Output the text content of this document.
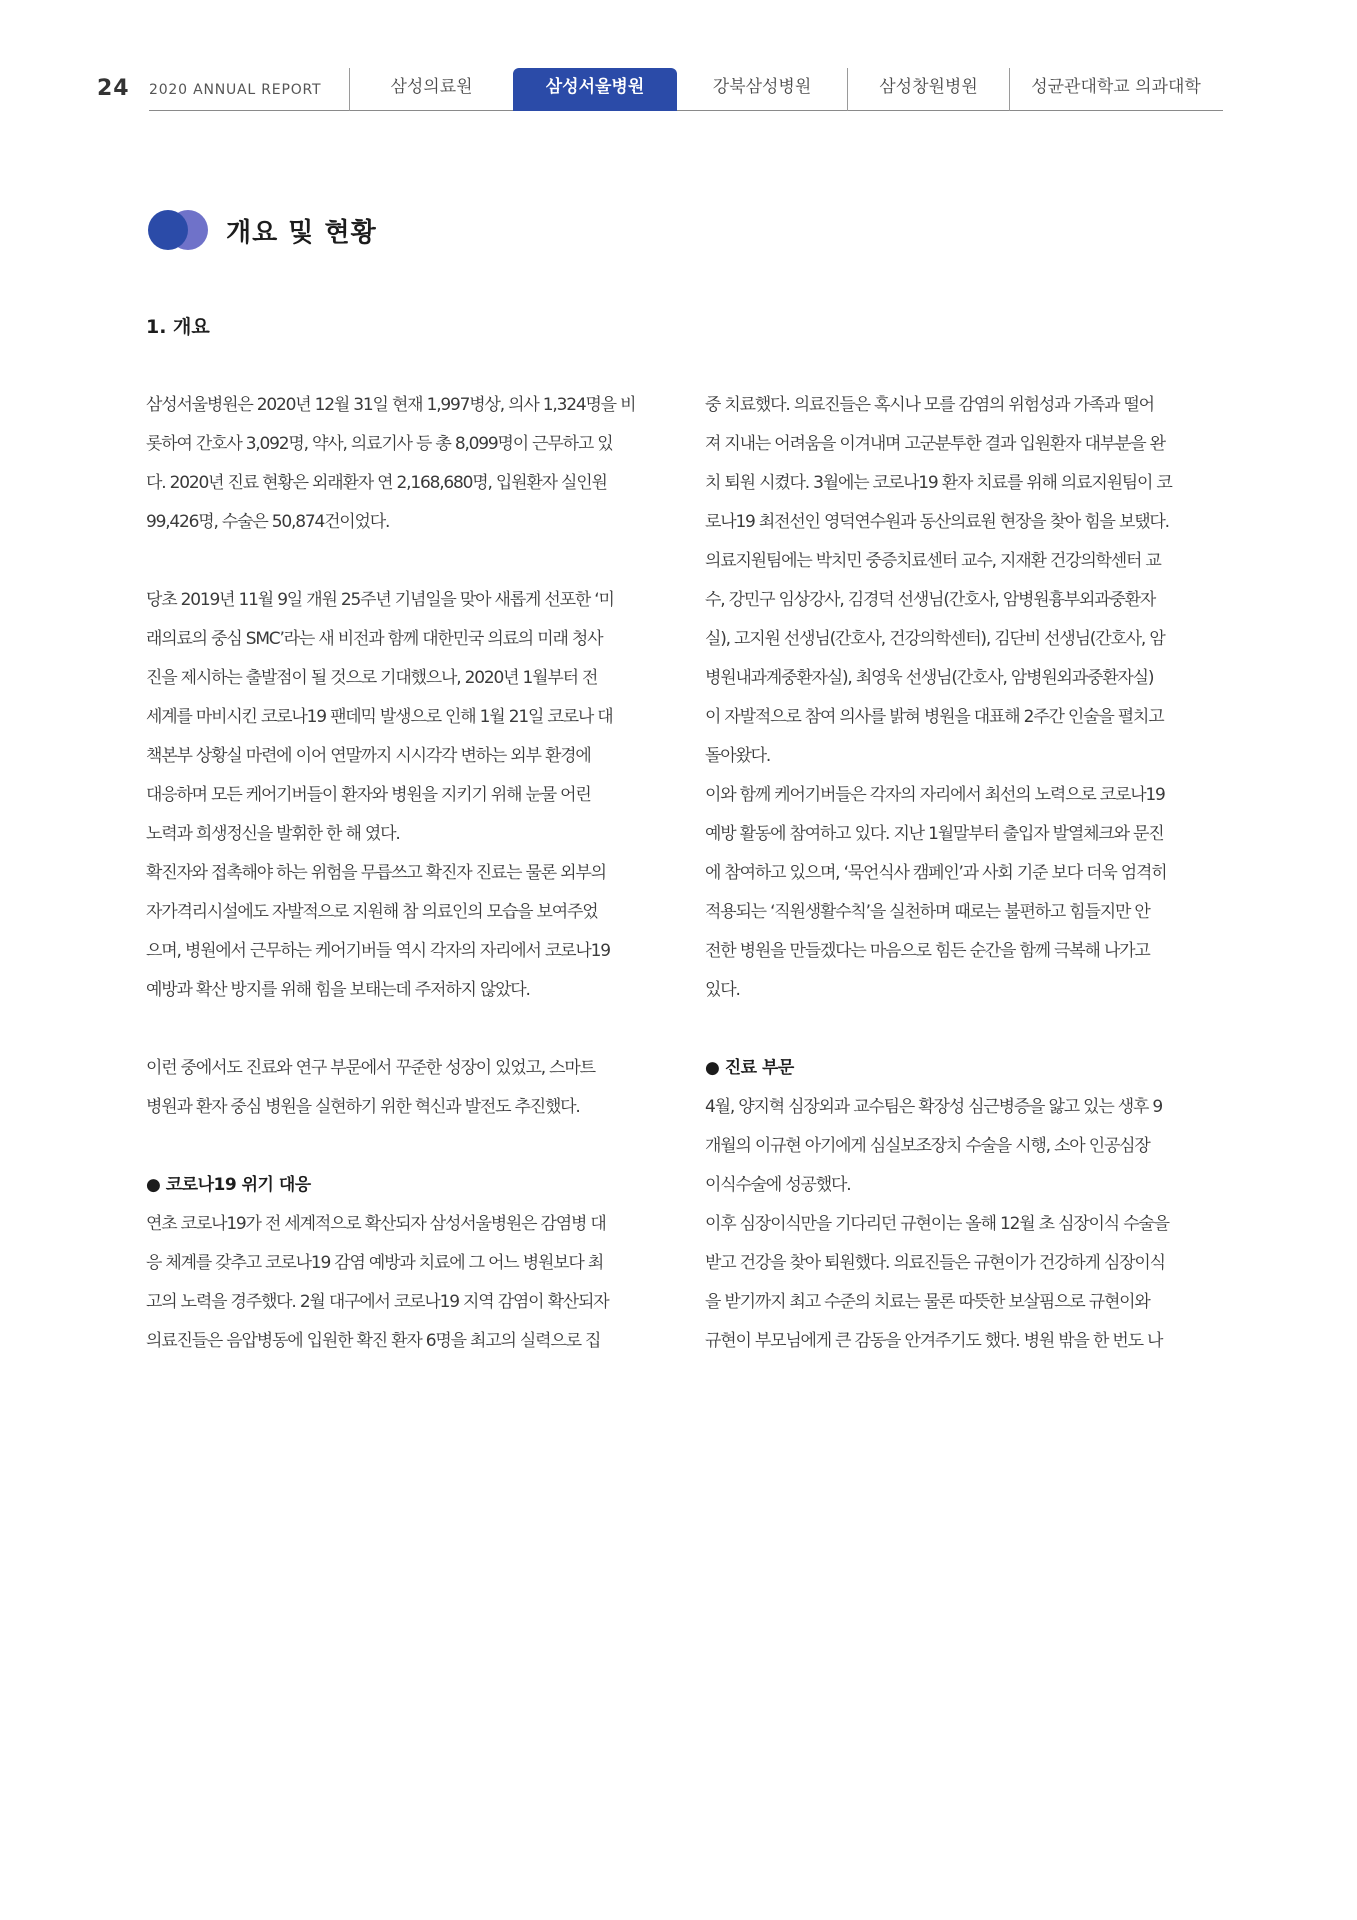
24 2020 ANNUAL REPORT	삼성의료원	삼성서울병원	강북삼성병원	삼성창원병원	성균관대학교 의과대학
개요 및 현황
1. 개요
삼성서울병원은 2020년 12월 31일 현재 1,997병상, 의사 1,324명을 비
롯하여 간호사 3,092명, 약사, 의료기사 등 총 8,099명이 근무하고 있
다. 2020년 진료 현황은 외래환자 연 2,168,680명, 입원환자 실인원
99,426명, 수술은 50,874건이었다.
당초 2019년 11월 9일 개원 25주년 기념일을 맞아 새롭게 선포한 ‘미
래의료의 중심 SMC’라는 새 비전과 함께 대한민국 의료의 미래 청사
진을 제시하는 출발점이 될 것으로 기대했으나, 2020년 1월부터 전
세계를 마비시킨 코로나19 팬데믹 발생으로 인해 1월 21일 코로나 대
책본부 상황실 마련에 이어 연말까지 시시각각 변하는 외부 환경에
대응하며 모든 케어기버들이 환자와 병원을 지키기 위해 눈물 어린
노력과 희생정신을 발휘한 한 해 였다.
확진자와 접촉해야 하는 위험을 무릅쓰고 확진자 진료는 물론 외부의
자가격리시설에도 자발적으로 지원해 참 의료인의 모습을 보여주었
으며, 병원에서 근무하는 케어기버들 역시 각자의 자리에서 코로나19
예방과 확산 방지를 위해 힘을 보태는데 주저하지 않았다.
이런 중에서도 진료와 연구 부문에서 꾸준한 성장이 있었고, 스마트
병원과 환자 중심 병원을 실현하기 위한 혁신과 발전도 추진했다.
● 코로나19 위기 대응
연초 코로나19가 전 세계적으로 확산되자 삼성서울병원은 감염병 대
응 체계를 갖추고 코로나19 감염 예방과 치료에 그 어느 병원보다 최
고의 노력을 경주했다. 2월 대구에서 코로나19 지역 감염이 확산되자
의료진들은 음압병동에 입원한 확진 환자 6명을 최고의 실력으로 집
중 치료했다. 의료진들은 혹시나 모를 감염의 위험성과 가족과 떨어
져 지내는 어려움을 이겨내며 고군분투한 결과 입원환자 대부분을 완
치 퇴원 시켰다. 3월에는 코로나19 환자 치료를 위해 의료지원팀이 코
로나19 최전선인 영덕연수원과 동산의료원 현장을 찾아 힘을 보탰다.
의료지원팀에는 박치민 중증치료센터 교수, 지재환 건강의학센터 교
수, 강민구 임상강사, 김경덕 선생님(간호사, 암병원흉부외과중환자
실), 고지원 선생님(간호사, 건강의학센터), 김단비 선생님(간호사, 암
병원내과계중환자실), 최영욱 선생님(간호사, 암병원외과중환자실)
이 자발적으로 참여 의사를 밝혀 병원을 대표해 2주간 인술을 펼치고
돌아왔다.
이와 함께 케어기버들은 각자의 자리에서 최선의 노력으로 코로나19
예방 활동에 참여하고 있다. 지난 1월말부터 출입자 발열체크와 문진
에 참여하고 있으며, ‘묵언식사 캠페인’과 사회 기준 보다 더욱 엄격히
적용되는 ‘직원생활수칙’을 실천하며 때로는 불편하고 힘들지만 안
전한 병원을 만들겠다는 마음으로 힘든 순간을 함께 극복해 나가고
있다.
● 진료 부문
4월, 양지혁 심장외과 교수팀은 확장성 심근병증을 앓고 있는 생후 9
개월의 이규현 아기에게 심실보조장치 수술을 시행, 소아 인공심장
이식수술에 성공했다.
이후 심장이식만을 기다리던 규현이는 올해 12월 초 심장이식 수술을
받고 건강을 찾아 퇴원했다. 의료진들은 규현이가 건강하게 심장이식
을 받기까지 최고 수준의 치료는 물론 따뜻한 보살핌으로 규현이와
규현이 부모님에게 큰 감동을 안겨주기도 했다. 병원 밖을 한 번도 나
